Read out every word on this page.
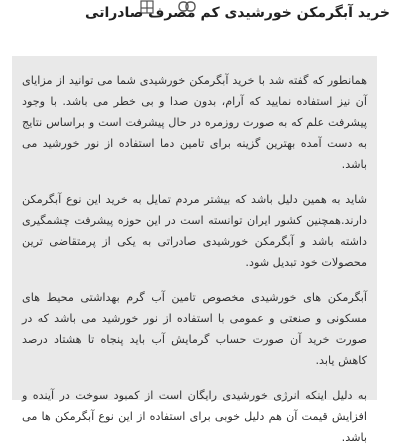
خرید آبگرمکن خورشیدی کم مصرف صادراتی

همانطور که گفته شد با خرید آبگرمکن خورشیدی شما می توانید از مزایای آن نیز استفاده نمایید که آرام، بدون صدا و بی خطر می باشد. با وجود پیشرفت علم که به صورت روزمره در حال پیشرفت است و براساس نتایج به دست آمده بهترین گزینه برای تامین دما استفاده از نور خورشید می باشد.

شاید به همین دلیل باشد که بیشتر مردم تمایل به خرید این نوع آبگرمکن دارند.همچنین کشور ایران توانسته است در این حوزه پیشرفت چشمگیری داشته باشد و آبگرمکن خورشیدی صادراتی به یکی از پرمتقاضی ترین محصولات خود تبدیل شود.

آبگرمکن های خورشیدی مخصوص تامین آب گرم بهداشتی محیط های مسکونی و صنعتی و عمومی با استفاده از نور خورشید می باشد که در صورت خرید آن صورت حساب گرمایش آب باید پنجاه تا هشتاد درصد کاهش یابد.

به دلیل اینکه انرژی خورشیدی رایگان است از کمبود سوخت در آینده و افزایش قیمت آن هم دلیل خوبی برای استفاده از این نوع آبگرمکن ها می باشد.
